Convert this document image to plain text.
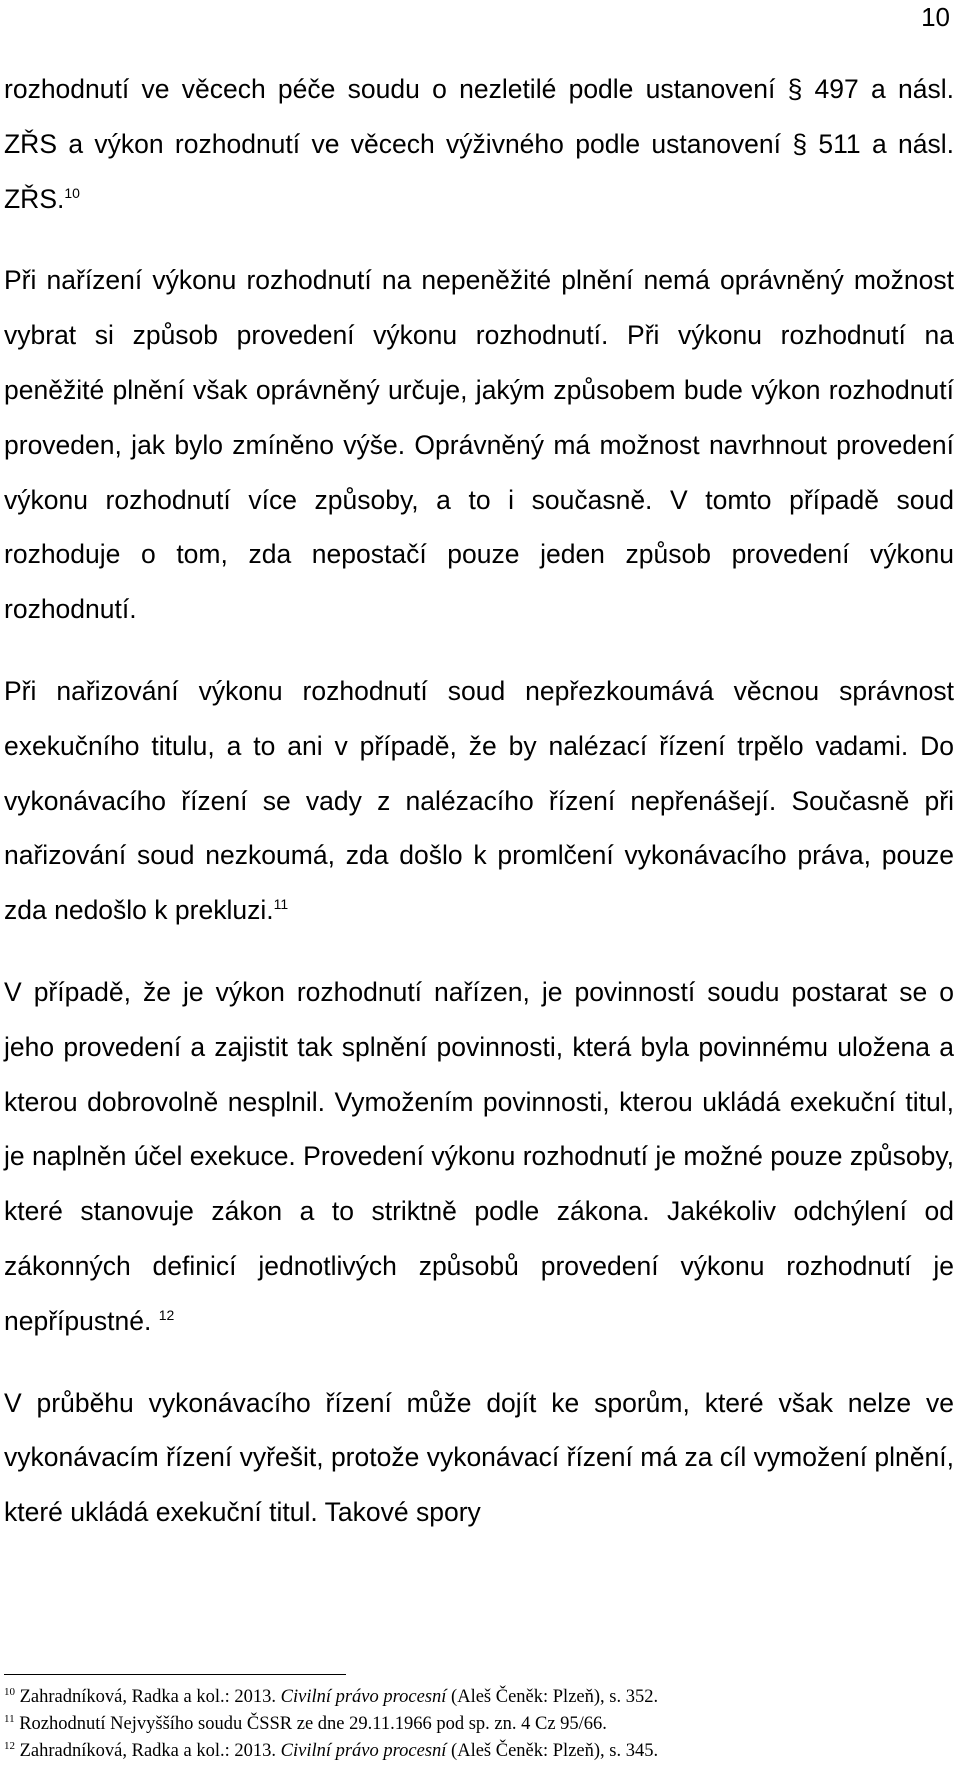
10

rozhodnutí ve věcech péče soudu o nezletilé podle ustanovení § 497 a násl. ZŘS a výkon rozhodnutí ve věcech výživného podle ustanovení § 511 a násl. ZŘS.$^{10}$

Při nařízení výkonu rozhodnutí na nepeněžité plnění nemá oprávněný možnost vybrat si způsob provedení výkonu rozhodnutí. Při výkonu rozhodnutí na peněžité plnění však oprávněný určuje, jakým způsobem bude výkon rozhodnutí proveden, jak bylo zmíněno výše. Oprávněný má možnost navrhnout provedení výkonu rozhodnutí více způsoby, a to i současně. V tomto případě soud rozhoduje o tom, zda nepostačí pouze jeden způsob provedení výkonu rozhodnutí.

Při nařizování výkonu rozhodnutí soud nepřezkoumává věcnou správnost exekučního titulu, a to ani v případě, že by nalézací řízení trpělo vadami. Do vykonávacího řízení se vady z nalézacího řízení nepřenášejí. Současně při nařizování soud nezkoumá, zda došlo k promlčení vykonávacího práva, pouze zda nedošlo k prekluzi.$^{11}$

V případě, že je výkon rozhodnutí nařízen, je povinností soudu postarat se o jeho provedení a zajistit tak splnění povinnosti, která byla povinnému uložena a kterou dobrovolně nesplnil. Vymožením povinnosti, kterou ukládá exekuční titul, je naplněn účel exekuce. Provedení výkonu rozhodnutí je možné pouze způsoby, které stanovuje zákon a to striktně podle zákona. Jakékoliv odchýlení od zákonných definicí jednotlivých způsobů provedení výkonu rozhodnutí je nepřípustné. $^{12}$

V průběhu vykonávacího řízení může dojít ke sporům, které však nelze ve vykonávacím řízení vyřešit, protože vykonávací řízení má za cíl vymožení plnění, které ukládá exekuční titul. Takové spory

$^{10}$ Zahradníková, Radka a kol.: 2013. Civilní právo procesní (Aleš Čeněk: Plzeň), s. 352.

$^{11}$ Rozhodnutí Nejvyššího soudu ČSSR ze dne 29.11.1966 pod sp. zn. 4 Cz 95/66.

$^{12}$ Zahradníková, Radka a kol.: 2013. Civilní právo procesní (Aleš Čeněk: Plzeň), s. 345.
